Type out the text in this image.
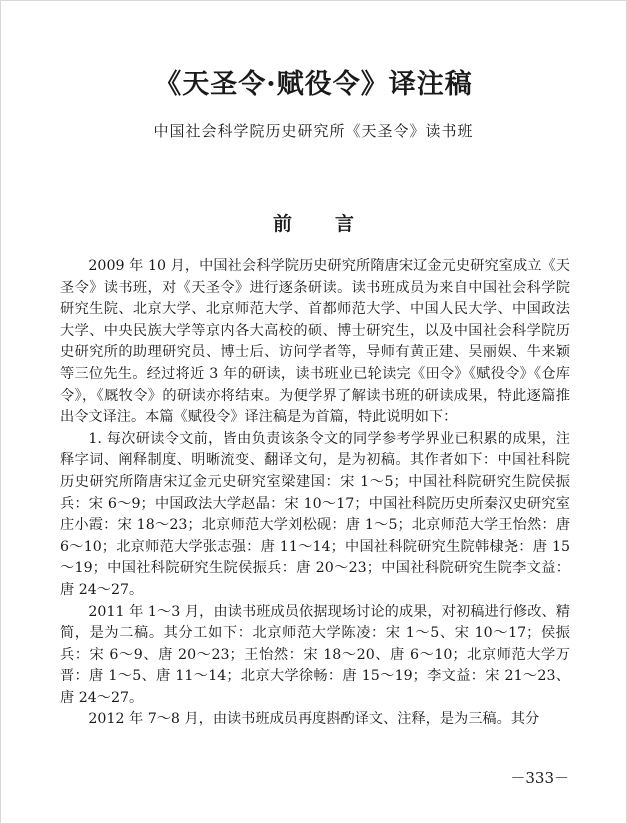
《天圣令·赋役令》译注稿
中国社会科学院历史研究所《天圣令》读书班
前　言

2009 年 10 月，中国社会科学院历史研究所隋唐宋辽金元史研究室成立《天圣令》读书班，对《天圣令》进行逐条研读。读书班成员为来自中国社会科学院研究生院、北京大学、北京师范大学、首都师范大学、中国人民大学、中国政法大学、中央民族大学等京内各大高校的硕、博士研究生，以及中国社会科学院历史研究所的助理研究员、博士后、访问学者等，导师有黄正建、吴丽娱、牛来颖等三位先生。经过将近 3 年的研读，读书班业已轮读完《田令》《赋役令》《仓库令》，《厩牧令》的研读亦将结束。为便学界了解读书班的研读成果，特此逐篇推出令文译注。本篇《赋役令》译注稿是为首篇，特此说明如下：

1. 每次研读令文前，皆由负责该条令文的同学参考学界业已积累的成果，注释字词、阐释制度、明晰流变、翻译文句，是为初稿。其作者如下：中国社科院历史研究所隋唐宋辽金元史研究室梁建国：宋 1～5；中国社科院研究生院侯振兵：宋 6～9；中国政法大学赵晶：宋 10～17；中国社科院历史所秦汉史研究室庄小霞：宋 18～23；北京师范大学刘松砚：唐 1～5；北京师范大学王怡然：唐 6～10；北京师范大学张志强：唐 11～14；中国社科院研究生院韩棣尧：唐 15～19；中国社科院研究生院侯振兵：唐 20～23；中国社科院研究生院李文益：唐 24～27。

2011 年 1～3 月，由读书班成员依据现场讨论的成果，对初稿进行修改、精简，是为二稿。其分工如下：北京师范大学陈凌：宋 1～5、宋 10～17；侯振兵：宋 6～9、唐 20～23；王怡然：宋 18～20、唐 6～10；北京师范大学万晋：唐 1～5、唐 11～14；北京大学徐畅：唐 15～19；李文益：宋 21～23、唐 24～27。

2012 年 7～8 月，由读书班成员再度斟酌译文、注释，是为三稿。其分

－333－
